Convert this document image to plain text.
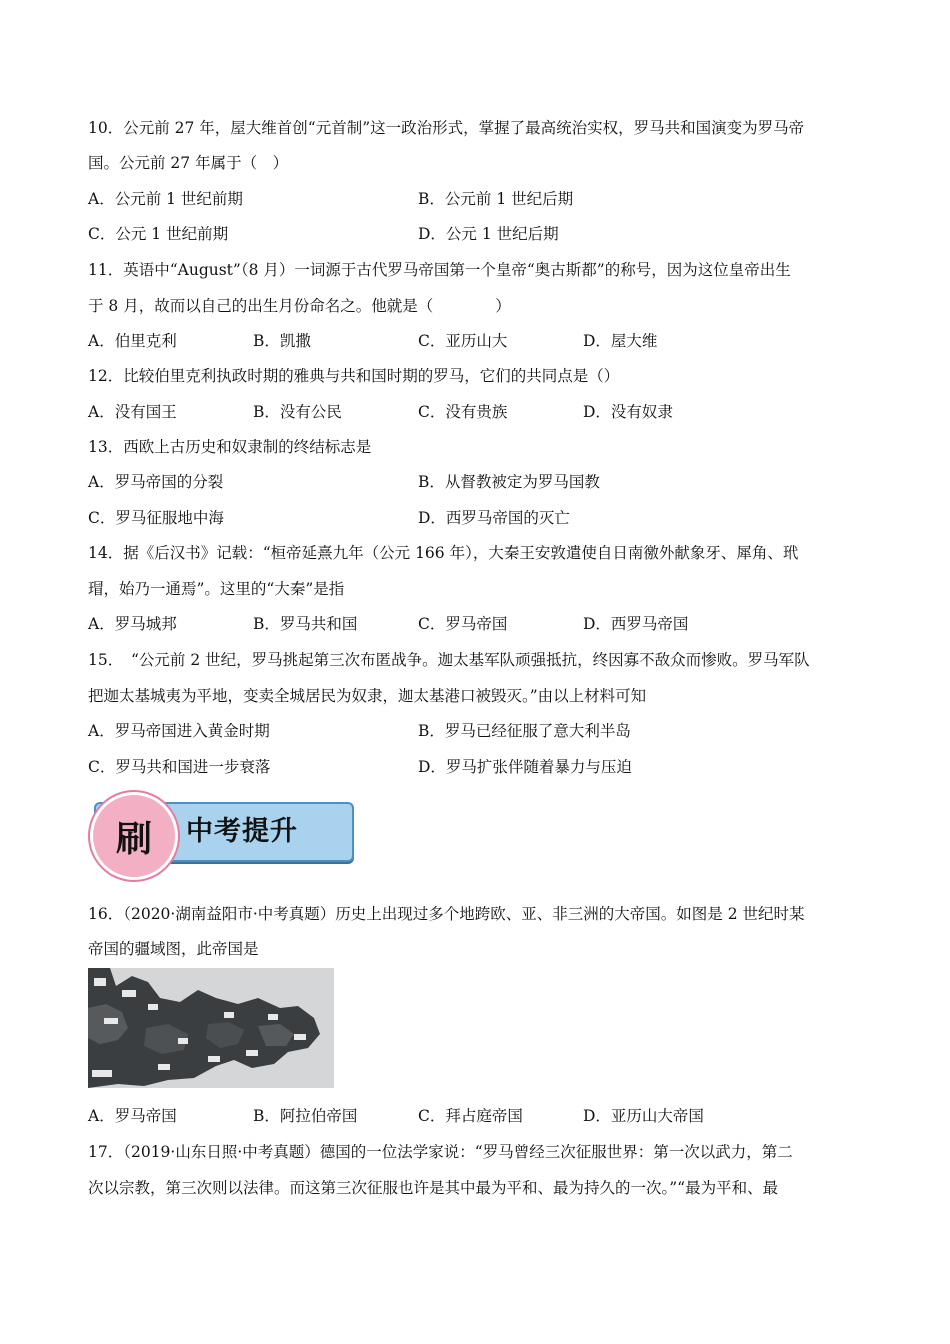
10．公元前 27 年，屋大维首创“元首制”这一政治形式，掌握了最高统治实权，罗马共和国演变为罗马帝
国。公元前 27 年属于（　）
A．公元前 1 世纪前期	B．公元前 1 世纪后期
C．公元 1 世纪前期	D．公元 1 世纪后期
11．英语中“August”（8 月）一词源于古代罗马帝国第一个皇帝“奥古斯都”的称号，因为这位皇帝出生
于 8 月，故而以自己的出生月份命名之。他就是（　　　　）
A．伯里克利	B．凯撒	C．亚历山大	D．屋大维
12．比较伯里克利执政时期的雅典与共和国时期的罗马，它们的共同点是（）
A．没有国王	B．没有公民	C．没有贵族	D．没有奴隶
13．西欧上古历史和奴隶制的终结标志是
A．罗马帝国的分裂	B．从督教被定为罗马国教
C．罗马征服地中海	D．西罗马帝国的灭亡
14．据《后汉书》记载：“桓帝延熹九年（公元 166 年），大秦王安敦遣使自日南徼外献象牙、犀角、玳
瑁，始乃一通焉”。这里的“大秦”是指
A．罗马城邦	B．罗马共和国	C．罗马帝国	D．西罗马帝国
15．　“公元前 2 世纪，罗马挑起第三次布匿战争。迦太基军队顽强抵抗，终因寡不敌众而惨败。罗马军队
把迦太基城夷为平地，变卖全城居民为奴隶，迦太基港口被毁灭。”由以上材料可知
A．罗马帝国进入黄金时期	B．罗马已经征服了意大利半岛
C．罗马共和国进一步衰落	D．罗马扩张伴随着暴力与压迫
中考提升
刷
16．（2020·湖南益阳市·中考真题）历史上出现过多个地跨欧、亚、非三洲的大帝国。如图是 2 世纪时某
帝国的疆域图，此帝国是
A．罗马帝国	B．阿拉伯帝国	C．拜占庭帝国	D．亚历山大帝国
17．（2019·山东日照·中考真题）德国的一位法学家说：“罗马曾经三次征服世界：第一次以武力，第二
次以宗教，第三次则以法律。而这第三次征服也许是其中最为平和、最为持久的一次。”“最为平和、最
